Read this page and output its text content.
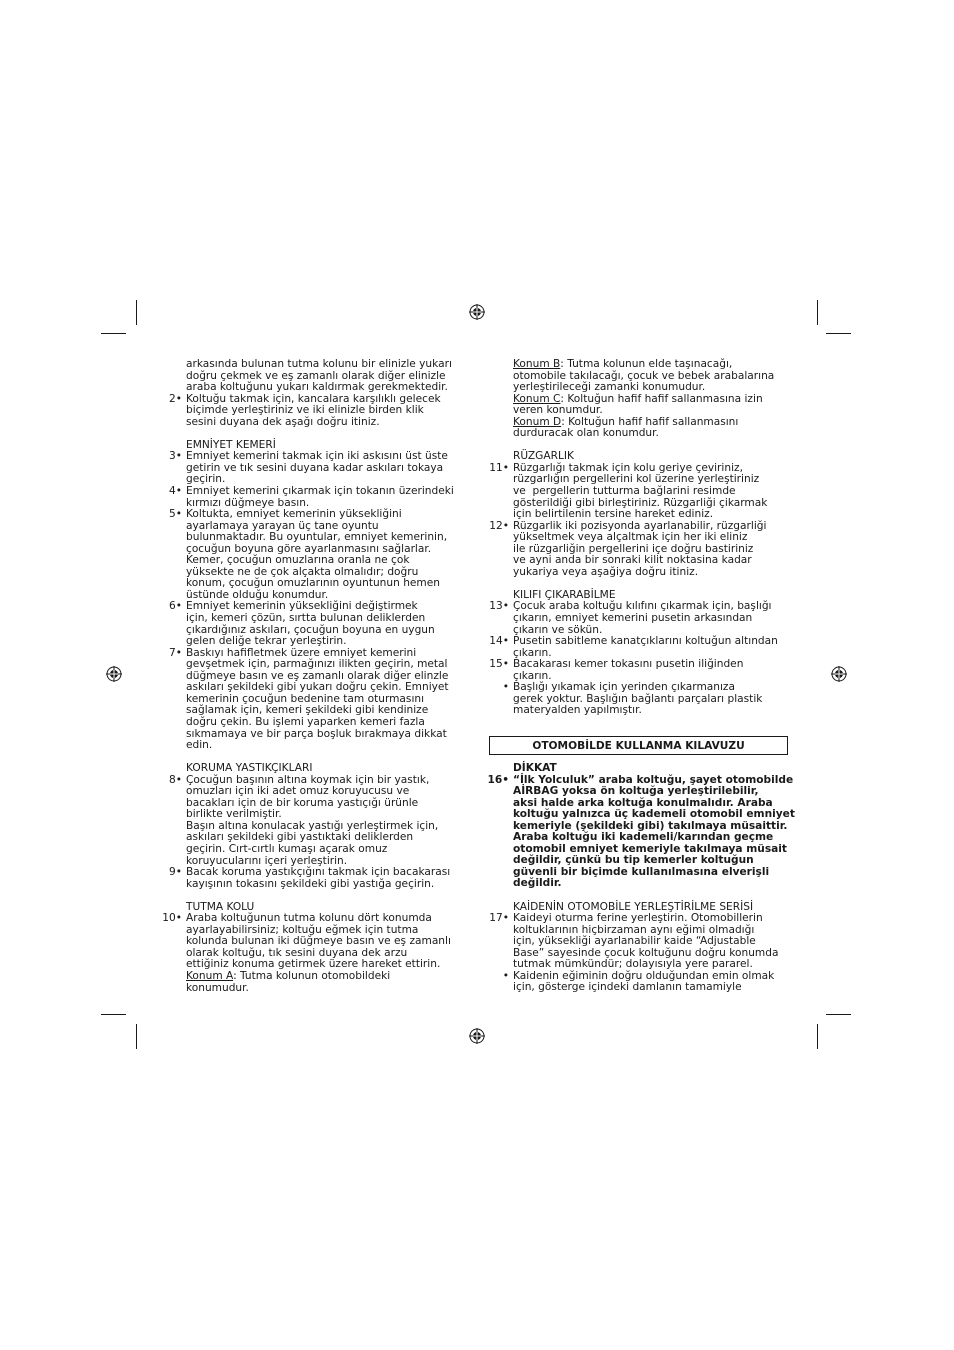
arkasında bulunan tutma kolunu bir elinizle yukarı
doğru çekmek ve eş zamanlı olarak diğer elinizle
araba koltuğunu yukarı kaldırmak gerekmektedir.
2• Koltuğu takmak için, kancalara karşılıklı gelecek
biçimde yerleştiriniz ve iki elinizle birden klik
sesini duyana dek aşağı doğru itiniz.
EMNİYET KEMERİ
3• Emniyet kemerini takmak için iki askısını üst üste
getirin ve tık sesini duyana kadar askıları tokaya
geçirin.
4• Emniyet kemerini çıkarmak için tokanın üzerindeki
kırmızı düğmeye basın.
5• Koltukta, emniyet kemerinin yüksekliğini
ayarlamaya yarayan üç tane oyuntu
bulunmaktadır. Bu oyuntular, emniyet kemerinin,
çocuğun boyuna göre ayarlanmasını sağlarlar.
Kemer, çocuğun omuzlarına oranla ne çok
yüksekte ne de çok alçakta olmalıdır; doğru
konum, çocuğun omuzlarının oyuntunun hemen
üstünde olduğu konumdur.
6• Emniyet kemerinin yüksekliğini değiştirmek
için, kemeri çözün, sırtta bulunan deliklerden
çıkardığınız askıları, çocuğun boyuna en uygun
gelen deliğe tekrar yerleştirin.
7• Baskıyı hafifletmek üzere emniyet kemerini
gevşetmek için, parmağınızı ilikten geçirin, metal
düğmeye basın ve eş zamanlı olarak diğer elinzle
askıları şekildeki gibi yukarı doğru çekin. Emniyet
kemerinin çocuğun bedenine tam oturmasını
sağlamak için, kemeri şekildeki gibi kendinize
doğru çekin. Bu işlemi yaparken kemeri fazla
sıkmamaya ve bir parça boşluk bırakmaya dikkat
edin.
KORUMA YASTIKÇIKLARI
8• Çocuğun başının altına koymak için bir yastık,
omuzları için iki adet omuz koruyucusu ve
bacakları için de bir koruma yastıçığı ürünle
birlikte verilmiştir.
Başın altına konulacak yastığı yerleştirmek için,
askıları şekildeki gibi yastıktaki deliklerden
geçirin. Cırt-cırtlı kumaşı açarak omuz
koruyucularını içeri yerleştirin.
9• Bacak koruma yastıkçığını takmak için bacakarası
kayışının tokasını şekildeki gibi yastığa geçirin.
TUTMA KOLU
10• Araba koltuğunun tutma kolunu dört konumda
ayarlayabilirsiniz; koltuğu eğmek için tutma
kolunda bulunan iki düğmeye basın ve eş zamanlı
olarak koltuğu, tık sesini duyana dek arzu
ettiğiniz konuma getirmek üzere hareket ettirin.
Konum A: Tutma kolunun otomobildeki
konumudur.
Konum B: Tutma kolunun elde taşınacağı,
otomobile takılacağı, çocuk ve bebek arabalarına
yerleştirileceği zamanki konumudur.
Konum C: Koltuğun hafif hafif sallanmasına izin
veren konumdur.
Konum D: Koltuğun hafif hafif sallanmasını
durduracak olan konumdur.
RÜZGARLIK
11• Rüzgarlığı takmak için kolu geriye çeviriniz,
rüzgarlığın pergellerini kol üzerine yerleştiriniz
ve  pergellerin tutturma bağlarini resimde
gösterildiği gibi birleştiriniz. Rüzgarliği çikarmak
için belirtilenin tersine hareket ediniz.
12• Rüzgarlik iki pozisyonda ayarlanabilir, rüzgarliği
yükseltmek veya alçaltmak için her iki eliniz
ile rüzgarliğin pergellerini içe doğru bastiriniz
ve ayni anda bir sonraki kilit noktasina kadar
yukariya veya aşağiya doğru itiniz.
KILIFI ÇIKARABİLME
13• Çocuk araba koltuğu kılıfını çıkarmak için, başlığı
çıkarın, emniyet kemerini pusetin arkasından
çıkarın ve sökün.
14• Pusetin sabitleme kanatçıklarını koltuğun altından
çıkarın.
15• Bacakarası kemer tokasını pusetin iliğinden
çıkarın.
• Başlığı yıkamak için yerinden çıkarmanıza
gerek yoktur. Başlığın bağlantı parçaları plastik
materyalden yapılmıştır.
OTOMOBİLDE KULLANMA KILAVUZU
DİKKAT
16• “İlk Yolculuk” araba koltuğu, şayet otomobilde
AİRBAG yoksa ön koltuğa yerleştirilebilir,
aksi halde arka koltuğa konulmalıdır. Araba
koltuğu yalnızca üç kademeli otomobil emniyet
kemeriyle (şekildeki gibi) takılmaya müsaittir.
Araba koltuğu iki kademeli/karından geçme
otomobil emniyet kemeriyle takılmaya müsait
değildir, çünkü bu tip kemerler koltuğun
güvenli bir biçimde kullanılmasına elverişli
değildir.
KAİDENİN OTOMOBİLE YERLEŞTİRİLME SERİSİ
17• Kaideyi oturma ferine yerleştirin. Otomobillerin
koltuklarının hiçbirzaman aynı eğimi olmadığı
için, yüksekliği ayarlanabilir kaide “Adjustable
Base” sayesinde çocuk koltuğunu doğru konumda
tutmak mümkündür; dolayısıyla yere pararel.
• Kaidenin eğiminin doğru olduğundan emin olmak
için, gösterge içindeki damlanın tamamiyle
